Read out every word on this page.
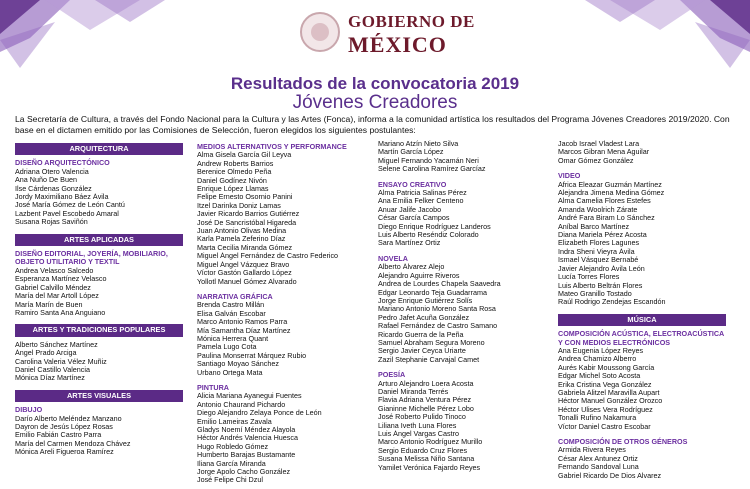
GOBIERNO DE
MÉXICO
Resultados de la convocatoria 2019
Jóvenes Creadores
La Secretaría de Cultura, a través del Fondo Nacional para la Cultura y las Artes (Fonca), informa a la comunidad artística los resultados del Programa Jóvenes Creadores 2019/2020. Con base en el dictamen emitido por las Comisiones de Selección, fueron elegidos los siguientes postulantes:
ARQUITECTURA
DISEÑO ARQUITECTÓNICO
Adriana Otero Valencia
Ana Nuño De Buen
Ilse Cárdenas González
Jordy Maximiliano Báez Ávila
José María Gómez de León Cantú
Lazbent Pavel Escobedo Amaral
Susana Rojas Saviñón
ARTES APLICADAS
DISEÑO EDITORIAL, JOYERÍA, MOBILIARIO, OBJETO UTILITARIO Y TEXTIL
Andrea Velasco Salcedo
Esperanza Martínez Velasco
Gabriel Calvillo Méndez
María del Mar Artoll López
María Marín de Buen
Ramiro Santa Ana Anguiano
ARTES Y TRADICIONES POPULARES
Alberto Sánchez Martínez
Ángel Prado Arciga
Carolina Valeria Vélez Muñiz
Daniel Castillo Valencia
Mónica Díaz Martínez
ARTES VISUALES
DIBUJO
Darío Alberto Meléndez Manzano
Dayron de Jesús López Rosas
Emilio Fabián Castro Parra
María del Carmen Mendoza Chávez
Mónica Areli Figueroa Ramírez
MEDIOS ALTERNATIVOS Y PERFORMANCE
Alma Gisela García Gil Leyva
Andrew Roberts Barrios
Berenice Olmedo Peña
Daniel Godínez Nivón
Enrique López Llamas
Felipe Ernesto Osornio Panini
Itzel Darinka Doniz Lamas
Javier Ricardo Barrios Gutiérrez
José De Sancristóbal Higareda
Juan Antonio Olivas Medina
Karla Pamela Zeferino Díaz
Marta Cecilia Miranda Gómez
Miguel Ángel Fernández de Castro Federico
Miguel Ángel Vázquez Bravo
Víctor Gastón Gallardo López
Yollotl Manuel Gómez Alvarado
NARRATIVA GRÁFICA
Brenda Castro Millán
Elisa Galván Escobar
Marco Antonio Ramos Parra
Mía Samantha Díaz Martínez
Mónica Herrera Quant
Pamela Lugo Cota
Paulina Monserrat Márquez Rubio
Santiago Moyao Sánchez
Urbano Ortega Mata
PINTURA
Alicia Mariana Ayanegui Fuentes
Antonio Chaurand Pichardo
Diego Alejandro Zelaya Ponce de León
Emilio Lameiras Zavala
Gladys Noemí Méndez Alayola
Héctor Andrés Valencia Huesca
Hugo Robledo Gómez
Humberto Barajas Bustamante
Iliana García Miranda
Jorge Apolo Cacho González
José Felipe Chi Dzul
Mariano Atzín Nieto Silva
Martín García López
Miguel Fernando Yacamán Neri
Selene Carolina Ramírez Garcíaz
ENSAYO CREATIVO
Alma Patricia Salinas Pérez
Ana Emilia Felker Centeno
Anuar Jalife Jacobo
César García Campos
Diego Enrique Rodríguez Landeros
Luis Alberto Reséndiz Colorado
Sara Martínez Ortiz
NOVELA
Alberto Álvarez Alejo
Alejandro Aguirre Riveros
Andrea de Lourdes Chapela Saavedra
Edgar Leonardo Teja Guadarrama
Jorge Enrique Gutiérrez Solís
Mariano Antonio Moreno Santa Rosa
Pedro Jafet Acuña González
Rafael Fernández de Castro Samano
Ricardo Guerra de la Peña
Samuel Abraham Segura Moreno
Sergio Javier Ceyca Uriarte
Zazil Stephanie Carvajal Camet
POESÍA
Arturo Alejandro Loera Acosta
Daniel Miranda Terrés
Flavia Adriana Ventura Pérez
Gianinne Michelle Pérez Lobo
José Roberto Pulido Tinoco
Liliana Iveth Luna Flores
Luis Ángel Vargas Castro
Marco Antonio Rodríguez Murillo
Sergio Eduardo Cruz Flores
Susana Melissa Niño Santana
Yamilet Verónica Fajardo Reyes
Jacob Israel Vladest Lara
Marcos Gibran Mena Aguilar
Omar Gómez González
VIDEO
Africa Eleazar Guzmán Martínez
Alejandra Jimena Medina Gómez
Alma Camelia Flores Estefes
Amanda Woolrich Zárate
André Fara Biram Lo Sánchez
Aníbal Barco Martínez
Diana Mariela Pérez Acosta
Elizabeth Flores Lagunes
Indra Sheni Vieyra Ávila
Ismael Vásquez Bernabé
Javier Alejandro Ávila León
Lucía Torres Flores
Luis Alberto Beltrán Flores
Mateo Granillo Tostado
Raúl Rodrigo Zendejas Escandón
MÚSICA
COMPOSICIÓN ACÚSTICA, ELECTROACÚSTICA Y CON MEDIOS ELECTRÓNICOS
Ana Eugenia López Reyes
Andrea Chamizo Alberro
Aurés Kabir Moussong García
Edgar Michel Soto Acosta
Erika Cristina Vega González
Gabriela Alitzel Maravilla Aupart
Héctor Manuel González Orozco
Héctor Ulises Vera Rodríguez
Tonalli Rufino Nakamura
Víctor Daniel Castro Escobar
COMPOSICIÓN DE OTROS GÉNEROS
Armida Rivera Reyes
César Alex Antunez Ortiz
Fernando Sandoval Luna
Gabriel Ricardo De Dios Alvarez
